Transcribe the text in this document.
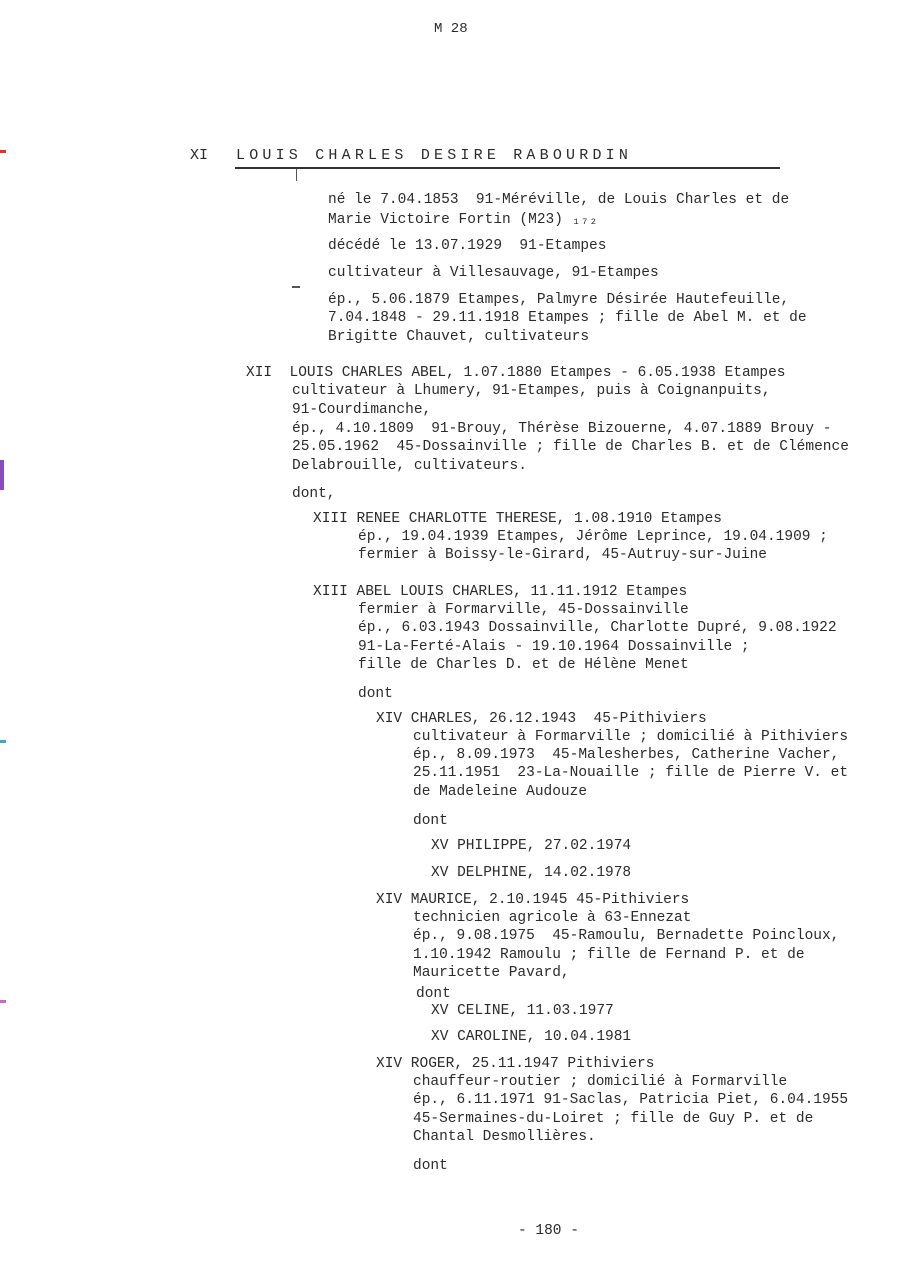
M 28
XI LOUIS CHARLES DESIRE RABOURDIN
né le 7.04.1853  91-Méréville, de Louis Charles et de
Marie Victoire Fortin (M23) ₁₇₂
décédé le 13.07.1929  91-Etampes
cultivateur à Villesauvage, 91-Etampes
ép., 5.06.1879 Etampes, Palmyre Désirée Hautefeuille,
7.04.1848 - 29.11.1918 Etampes ; fille de Abel M. et de
Brigitte Chauvet, cultivateurs
XII  LOUIS CHARLES ABEL, 1.07.1880 Etampes - 6.05.1938 Etampes
cultivateur à Lhumery, 91-Etampes, puis à Coignanpuits,
91-Courdimanche,
ép., 4.10.1809  91-Brouy, Thérèse Bizouerne, 4.07.1889 Brouy -
25.05.1962  45-Dossainville ; fille de Charles B. et de Clémence
Delabrouille, cultivateurs.
dont,
XIII RENEE CHARLOTTE THERESE, 1.08.1910 Etampes
ép., 19.04.1939 Etampes, Jérôme Leprince, 19.04.1909 ;
fermier à Boissy-le-Girard, 45-Autruy-sur-Juine
XIII ABEL LOUIS CHARLES, 11.11.1912 Etampes
fermier à Formarville, 45-Dossainville
ép., 6.03.1943 Dossainville, Charlotte Dupré, 9.08.1922
91-La-Ferté-Alais - 19.10.1964 Dossainville ;
fille de Charles D. et de Hélène Menet
dont
XIV CHARLES, 26.12.1943  45-Pithiviers
cultivateur à Formarville ; domicilié à Pithiviers
ép., 8.09.1973  45-Malesherbes, Catherine Vacher,
25.11.1951  23-La-Nouaille ; fille de Pierre V. et
de Madeleine Audouze
dont
XV PHILIPPE, 27.02.1974
XV DELPHINE, 14.02.1978
XIV MAURICE, 2.10.1945 45-Pithiviers
technicien agricole à 63-Ennezat
ép., 9.08.1975  45-Ramoulu, Bernadette Poincloux,
1.10.1942 Ramoulu ; fille de Fernand P. et de
Mauricette Pavard,
dont
XV CELINE, 11.03.1977
XV CAROLINE, 10.04.1981
XIV ROGER, 25.11.1947 Pithiviers
chauffeur-routier ; domicilié à Formarville
ép., 6.11.1971 91-Saclas, Patricia Piet, 6.04.1955
45-Sermaines-du-Loiret ; fille de Guy P. et de
Chantal Desmollières.
dont
- 180 -
